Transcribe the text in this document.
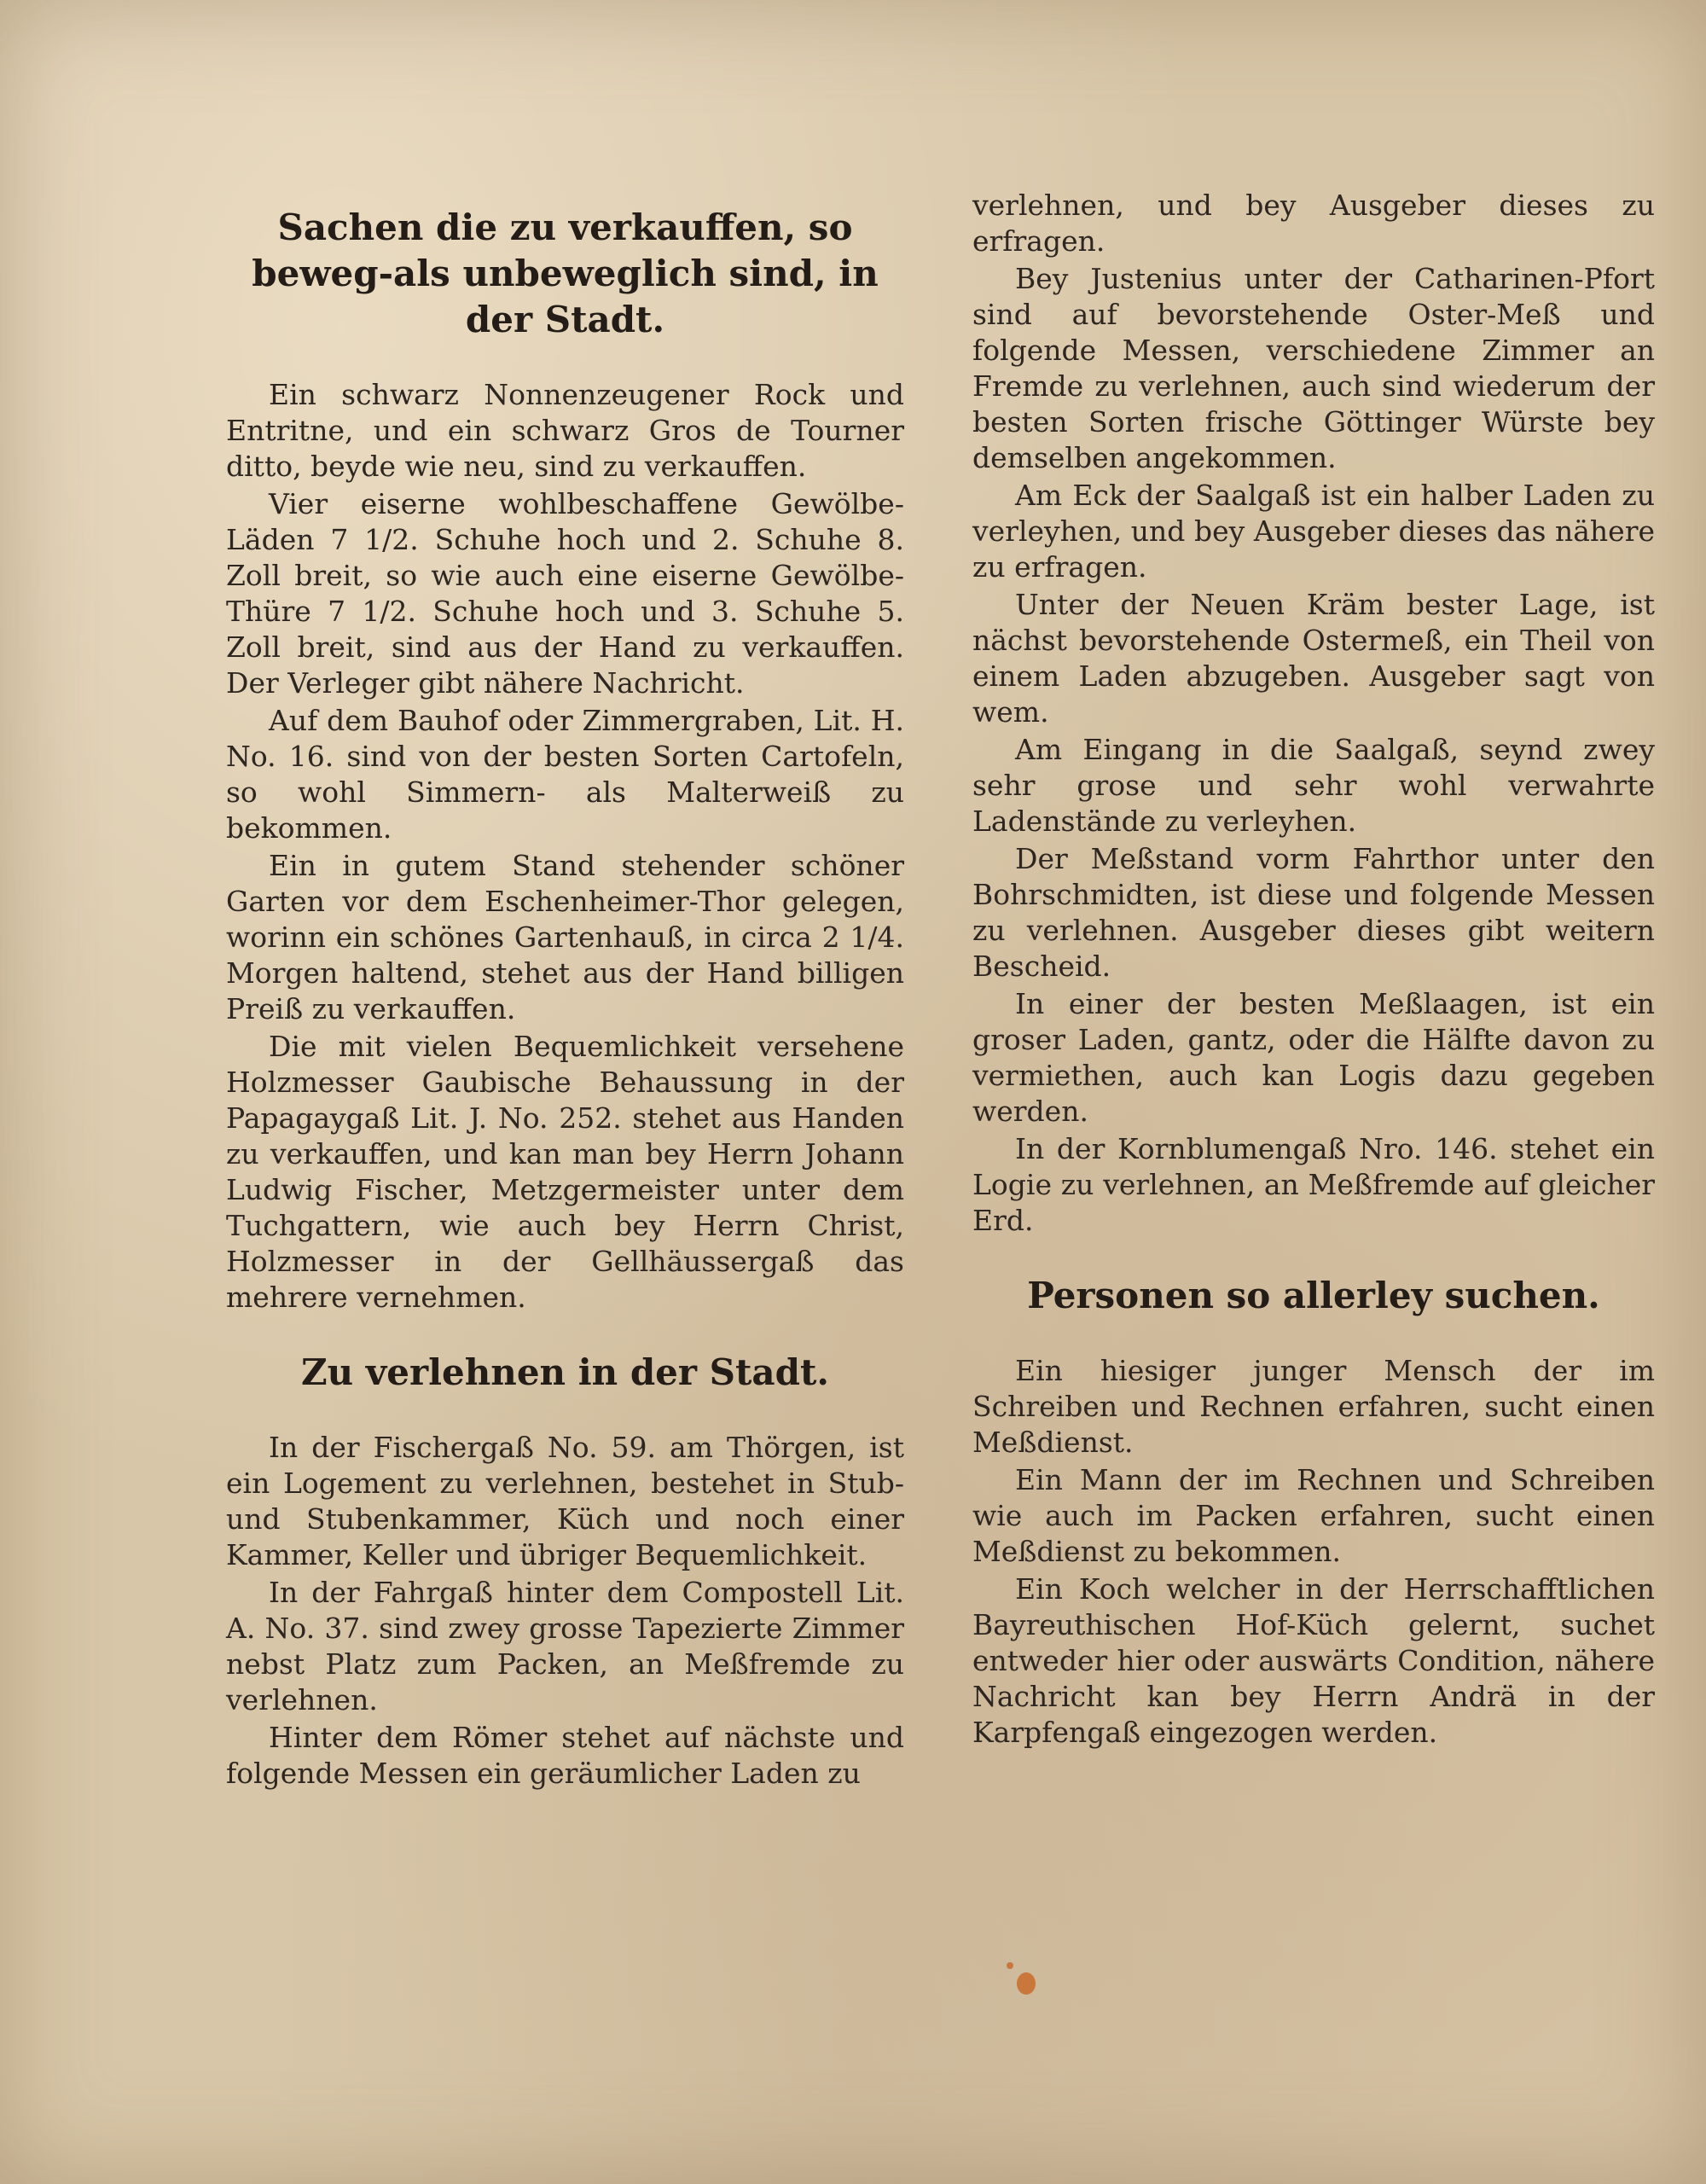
Sachen die zu verkauffen, so beweg-als unbeweglich sind, in der Stadt.

Ein schwarz Nonnenzeugener Rock und Entritne, und ein schwarz Gros de Tourner ditto, beyde wie neu, sind zu verkauffen.

Vier eiserne wohlbeschaffene Gewölbe-Läden 7 1/2. Schuhe hoch und 2. Schuhe 8. Zoll breit, so wie auch eine eiserne Gewölbe-Thüre 7 1/2. Schuhe hoch und 3. Schuhe 5. Zoll breit, sind aus der Hand zu verkauffen. Der Verleger gibt nähere Nachricht.

Auf dem Bauhof oder Zimmergraben, Lit. H. No. 16. sind von der besten Sorten Cartofeln, so wohl Simmern- als Malterweiß zu bekommen.

Ein in gutem Stand stehender schöner Garten vor dem Eschenheimer-Thor gelegen, worinn ein schönes Gartenhauß, in circa 2 1/4. Morgen haltend, stehet aus der Hand billigen Preiß zu verkauffen.

Die mit vielen Bequemlichkeit versehene Holzmesser Gaubische Behaussung in der Papagaygaß Lit. J. No. 252. stehet aus Handen zu verkauffen, und kan man bey Herrn Johann Ludwig Fischer, Metzgermeister unter dem Tuchgattern, wie auch bey Herrn Christ, Holzmesser in der Gellhäussergaß das mehrere vernehmen.

Zu verlehnen in der Stadt.

In der Fischergaß No. 59. am Thörgen, ist ein Logement zu verlehnen, bestehet in Stub- und Stubenkammer, Küch und noch einer Kammer, Keller und übriger Bequemlichkeit.

In der Fahrgaß hinter dem Compostell Lit. A. No. 37. sind zwey grosse Tapezierte Zimmer nebst Platz zum Packen, an Meßfremde zu verlehnen.

Hinter dem Römer stehet auf nächste und folgende Messen ein geräumlicher Laden zu

verlehnen, und bey Ausgeber dieses zu erfragen.

Bey Justenius unter der Catharinen-Pfort sind auf bevorstehende Oster-Meß und folgende Messen, verschiedene Zimmer an Fremde zu verlehnen, auch sind wiederum der besten Sorten frische Göttinger Würste bey demselben angekommen.

Am Eck der Saalgaß ist ein halber Laden zu verleyhen, und bey Ausgeber dieses das nähere zu erfragen.

Unter der Neuen Kräm bester Lage, ist nächst bevorstehende Ostermeß, ein Theil von einem Laden abzugeben. Ausgeber sagt von wem.

Am Eingang in die Saalgaß, seynd zwey sehr grose und sehr wohl verwahrte Ladenstände zu verleyhen.

Der Meßstand vorm Fahrthor unter den Bohrschmidten, ist diese und folgende Messen zu verlehnen. Ausgeber dieses gibt weitern Bescheid.

In einer der besten Meßlaagen, ist ein groser Laden, gantz, oder die Hälfte davon zu vermiethen, auch kan Logis dazu gegeben werden.

In der Kornblumengaß Nro. 146. stehet ein Logie zu verlehnen, an Meßfremde auf gleicher Erd.

Personen so allerley suchen.

Ein hiesiger junger Mensch der im Schreiben und Rechnen erfahren, sucht einen Meßdienst.

Ein Mann der im Rechnen und Schreiben wie auch im Packen erfahren, sucht einen Meßdienst zu bekommen.

Ein Koch welcher in der Herrschafftlichen Bayreuthischen Hof-Küch gelernt, suchet entweder hier oder auswärts Condition, nähere Nachricht kan bey Herrn Andrä in der Karpfengaß eingezogen werden.
